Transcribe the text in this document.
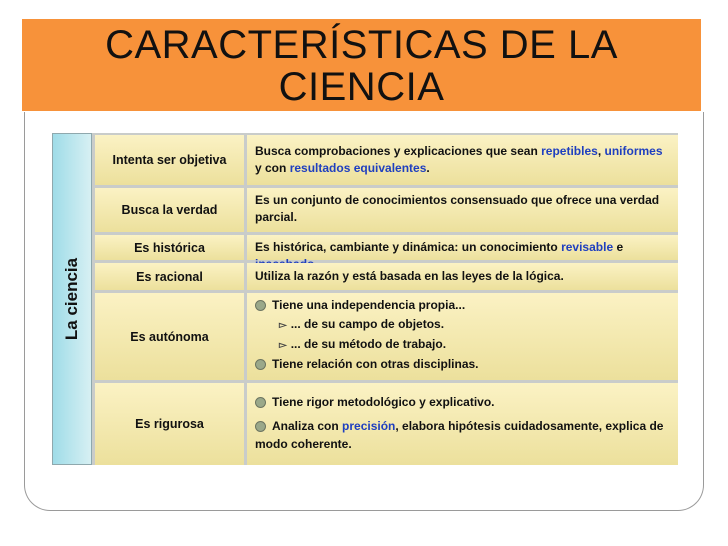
CARACTERÍSTICAS DE LA
CIENCIA
La ciencia
Intenta ser objetiva
Busca comprobaciones y explicaciones que sean repetibles, uniformes y con resultados equivalentes.
Busca la verdad
Es un conjunto de conocimientos consensuado que ofrece una verdad parcial.
Es histórica	Es histórica, cambiante y dinámica: un conocimiento revisable e
Es racional	Utiliza la razón y está basada en las leyes de la lógica.
Es autónoma
Tiene una independencia propia...
▻ ... de su campo de objetos.
▻ ... de su método de trabajo.
Tiene relación con otras disciplinas.
Es rigurosa
Tiene rigor metodológico y explicativo.
Analiza con precisión, elabora hipótesis cuidadosamente, explica de modo coherente.
